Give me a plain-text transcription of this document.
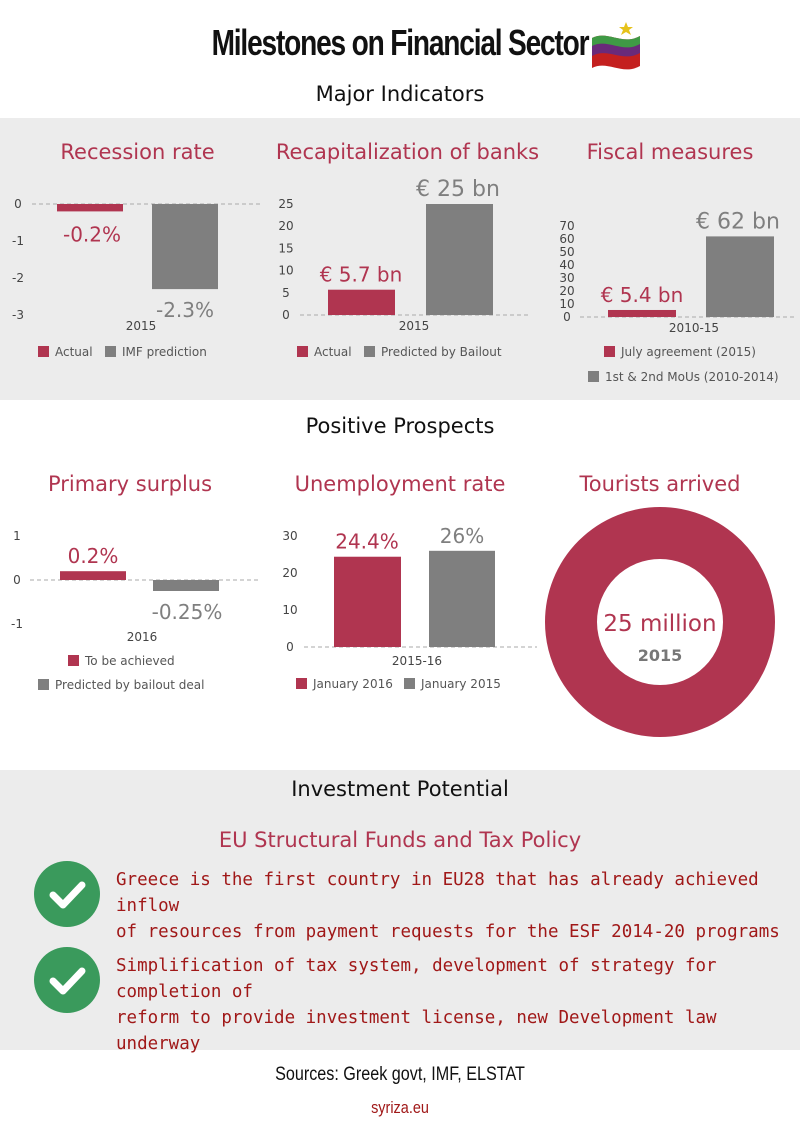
Milestones on Financial Sector
Major Indicators
Positive Prospects
Investment Potential
Recession rate	Recapitalization of banks	Fiscal measures
Primary surplus	Unemployment rate	Tourists arrived
0
-1
-2
-3
-0.2%
Actual
-2.3%
IMF prediction
2015
0
5
10
15
20
25
€ 5.7 bn
Actual
€ 25 bn
Predicted by Bailout
2015
0
10
20
30
40
50
60
70
€ 5.4 bn
July agreement (2015)
€ 62 bn
1st & 2nd MoUs (2010-2014)
2010-15
1
0
-1
0.2%
To be achieved
-0.25%
Predicted by bailout deal
2016
0
10
20
30 24.4%
January 2016
26%
January 2015
2015-16
25 million
2015
EU Structural Funds and Tax Policy
Greece is the first country in EU28 that has already achieved inflow
of resources from payment requests for the ESF 2014-20 programs
Simplification of tax system, development of strategy for completion of
reform to provide investment license, new Development law underway
Sources: Greek govt, IMF, ELSTAT
syriza.eu
